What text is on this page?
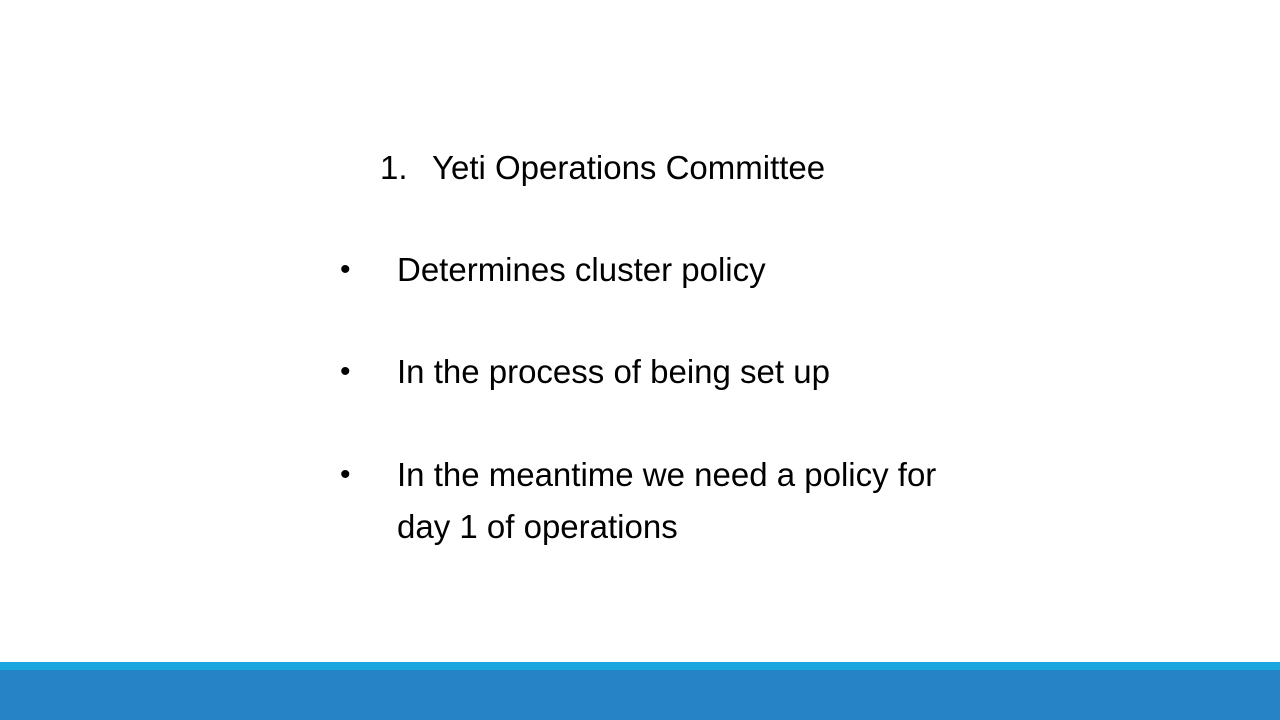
1. Yeti Operations Committee
•	Determines cluster policy
•	In the process of being set up
•	In the meantime we need a policy for day 1 of operations
